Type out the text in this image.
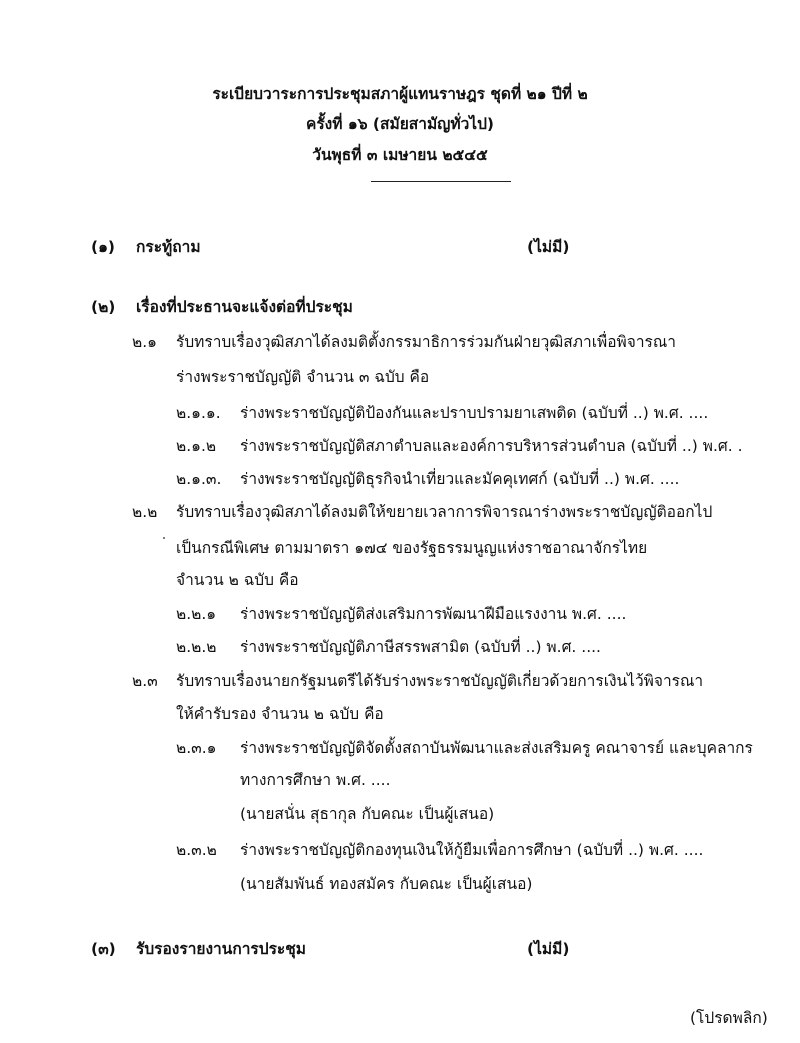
ระเบียบวาระการประชุมสภาผู้แทนราษฎร ชุดที่ ๒๑ ปีที่ ๒
ครั้งที่ ๑๖ (สมัยสามัญทั่วไป)
วันพุธที่ ๓ เมษายน ๒๕๔๕
(๑) กระทู้ถาม	(ไม่มี)
(๒) เรื่องที่ประธานจะแจ้งต่อที่ประชุม
๒.๑ รับทราบเรื่องวุฒิสภาได้ลงมติตั้งกรรมาธิการร่วมกันฝ่ายวุฒิสภาเพื่อพิจารณา
ร่างพระราชบัญญัติ จำนวน ๓ ฉบับ คือ
๒.๑.๑. ร่างพระราชบัญญัติป้องกันและปราบปรามยาเสพติด (ฉบับที่ ..) พ.ศ. ....
๒.๑.๒ ร่างพระราชบัญญัติสภาตำบลและองค์การบริหารส่วนตำบล (ฉบับที่ ..) พ.ศ. .
๒.๑.๓. ร่างพระราชบัญญัติธุรกิจนำเที่ยวและมัคคุเทศก์ (ฉบับที่ ..) พ.ศ. ....
๒.๒ รับทราบเรื่องวุฒิสภาได้ลงมติให้ขยายเวลาการพิจารณาร่างพระราชบัญญัติออกไป
เป็นกรณีพิเศษ ตามมาตรา ๑๗๔ ของรัฐธรรมนูญแห่งราชอาณาจักรไทย
จำนวน ๒ ฉบับ คือ
๒.๒.๑ ร่างพระราชบัญญัติส่งเสริมการพัฒนาฝีมือแรงงาน พ.ศ. ....
๒.๒.๒ ร่างพระราชบัญญัติภาษีสรรพสามิต (ฉบับที่ ..) พ.ศ. ....
๒.๓ รับทราบเรื่องนายกรัฐมนตรีได้รับร่างพระราชบัญญัติเกี่ยวด้วยการเงินไว้พิจารณา
ให้คำรับรอง จำนวน ๒ ฉบับ คือ
๒.๓.๑ ร่างพระราชบัญญัติจัดตั้งสถาบันพัฒนาและส่งเสริมครู คณาจารย์ และบุคลากร
ทางการศึกษา พ.ศ. ....
(นายสนั่น สุธากุล กับคณะ เป็นผู้เสนอ)
๒.๓.๒ ร่างพระราชบัญญัติกองทุนเงินให้กู้ยืมเพื่อการศึกษา (ฉบับที่ ..) พ.ศ. ....
(นายสัมพันธ์ ทองสมัคร กับคณะ เป็นผู้เสนอ)
(๓) รับรองรายงานการประชุม	(ไม่มี)
(โปรดพลิก)
